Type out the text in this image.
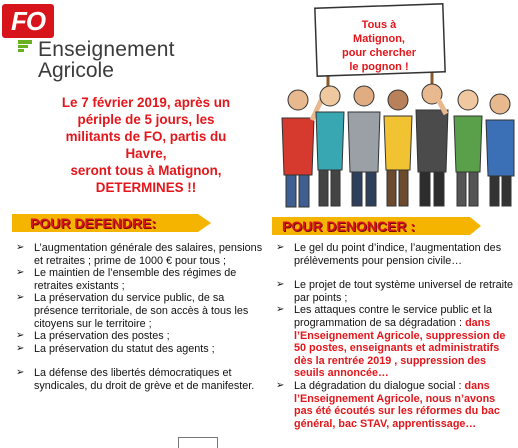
FO
Enseignement
Agricole
Le 7 février 2019, après un
périple de 5 jours, les
militants de FO, partis du
Havre,
seront tous à Matignon,
DETERMINES !!
Tous à
Matignon,
pour chercher
le pognon !
POUR DEFENDRE:	POUR DENONCER :
➢ L’augmentation générale des salaires, pensions et retraites ; prime de 1000 € pour tous ;
➢ Le maintien de l’ensemble des régimes de retraites existants ;
➢ La préservation du service public, de sa présence territoriale, de son accès à tous les citoyens sur le territoire ;
➢ La préservation des postes ;
➢ La préservation du statut des agents ;
➢ La défense des libertés démocratiques et syndicales, du droit de grève et de manifester.
➢ Le gel du point d’indice, l’augmentation des prélèvements pour pension civile…
➢ Le projet de tout système universel de retraite par points ;
➢ Les attaques contre le service public et la programmation de sa dégradation : dans l’Enseignement Agricole, suppression de 50 postes, enseignants et administratifs dès la rentrée 2019 , suppression des seuils annoncée…
➢ La dégradation du dialogue social : dans l’Enseignement Agricole, nous n’avons pas été écoutés sur les réformes du bac général, bac STAV, apprentissage…
